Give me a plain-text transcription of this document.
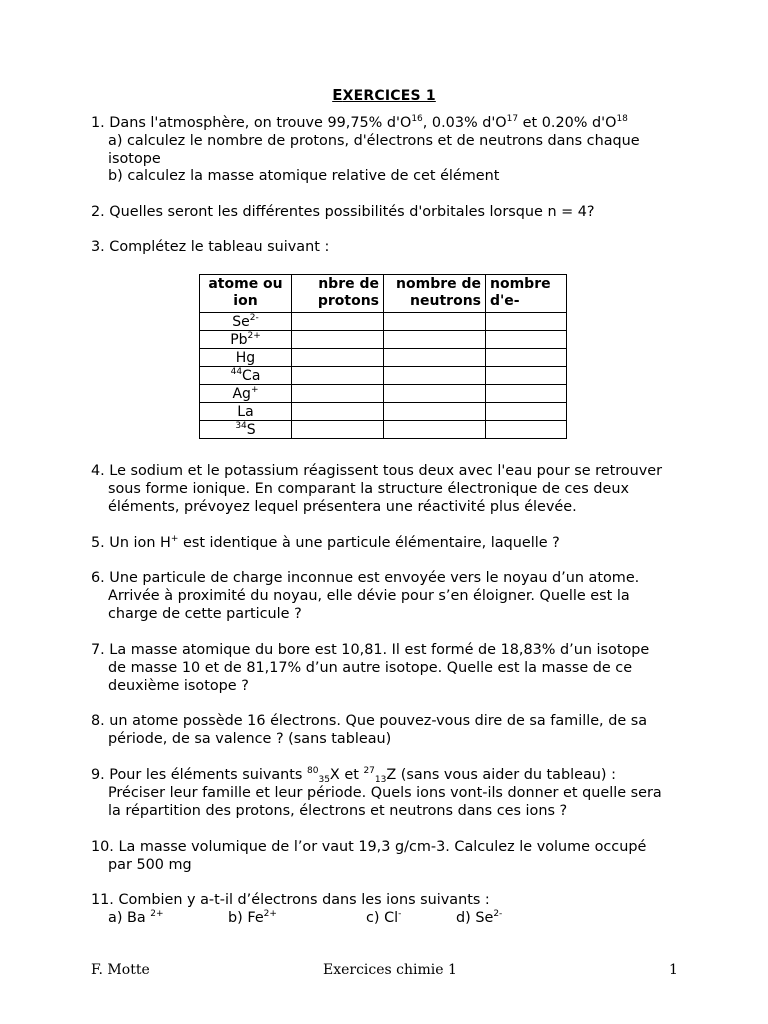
EXERCICES 1
1. Dans l'atmosphère, on trouve 99,75% $d'O^{16}$, 0.03% $d'O^{17}$ et 0.20% $d'O^{18}$
a) calculez le nombre de protons, d'électrons et de neutrons dans chaque
isotope
b) calculez la masse atomique relative de cet élément
2. Quelles seront les différentes possibilités d'orbitales lorsque n = 4?
3. Complétez le tableau suivant :
atome ou
ion	nbre de
protons	nombre de
neutrons	nombre
d'e-
$Se^{2-}$			
$Pb^{2+}$			
Hg			
$^{44}$Ca			
Ag+			
La			
$^{34}$S			
4. Le sodium et le potassium réagissent tous deux avec l'eau pour se retrouver
sous forme ionique. En comparant la structure électronique de ces deux
éléments, prévoyez lequel présentera une réactivité plus élevée.
5. Un ion H+ est identique à une particule élémentaire, laquelle ?
6. Une particule de charge inconnue est envoyée vers le noyau d’un atome.
Arrivée à proximité du noyau, elle dévie pour s’en éloigner. Quelle est la
charge de cette particule ?
7. La masse atomique du bore est 10,81. Il est formé de 18,83% d’un isotope
de masse 10 et de 81,17% d’un autre isotope. Quelle est la masse de ce
deuxième isotope ?
8. un atome possède 16 électrons. Que pouvez-vous dire de sa famille, de sa
période, de sa valence ? (sans tableau)
9. Pour les éléments suivants $^{80}_{35}$X et $^{27}_{13}$Z (sans vous aider du tableau) :
Préciser leur famille et leur période. Quels ions vont-ils donner et quelle sera
la répartition des protons, électrons et neutrons dans ces ions ?
10. La masse volumique de l’or vaut 19,3 g/cm-3. Calculez le volume occupé
par 500 mg
11. Combien y a-t-il d’électrons dans les ions suivants :
a) Ba $^{2+}$	b) $Fe^{2+}$	c) Cl-	d) $Se^{2-}$
F. Motte	Exercices chimie 1	1
